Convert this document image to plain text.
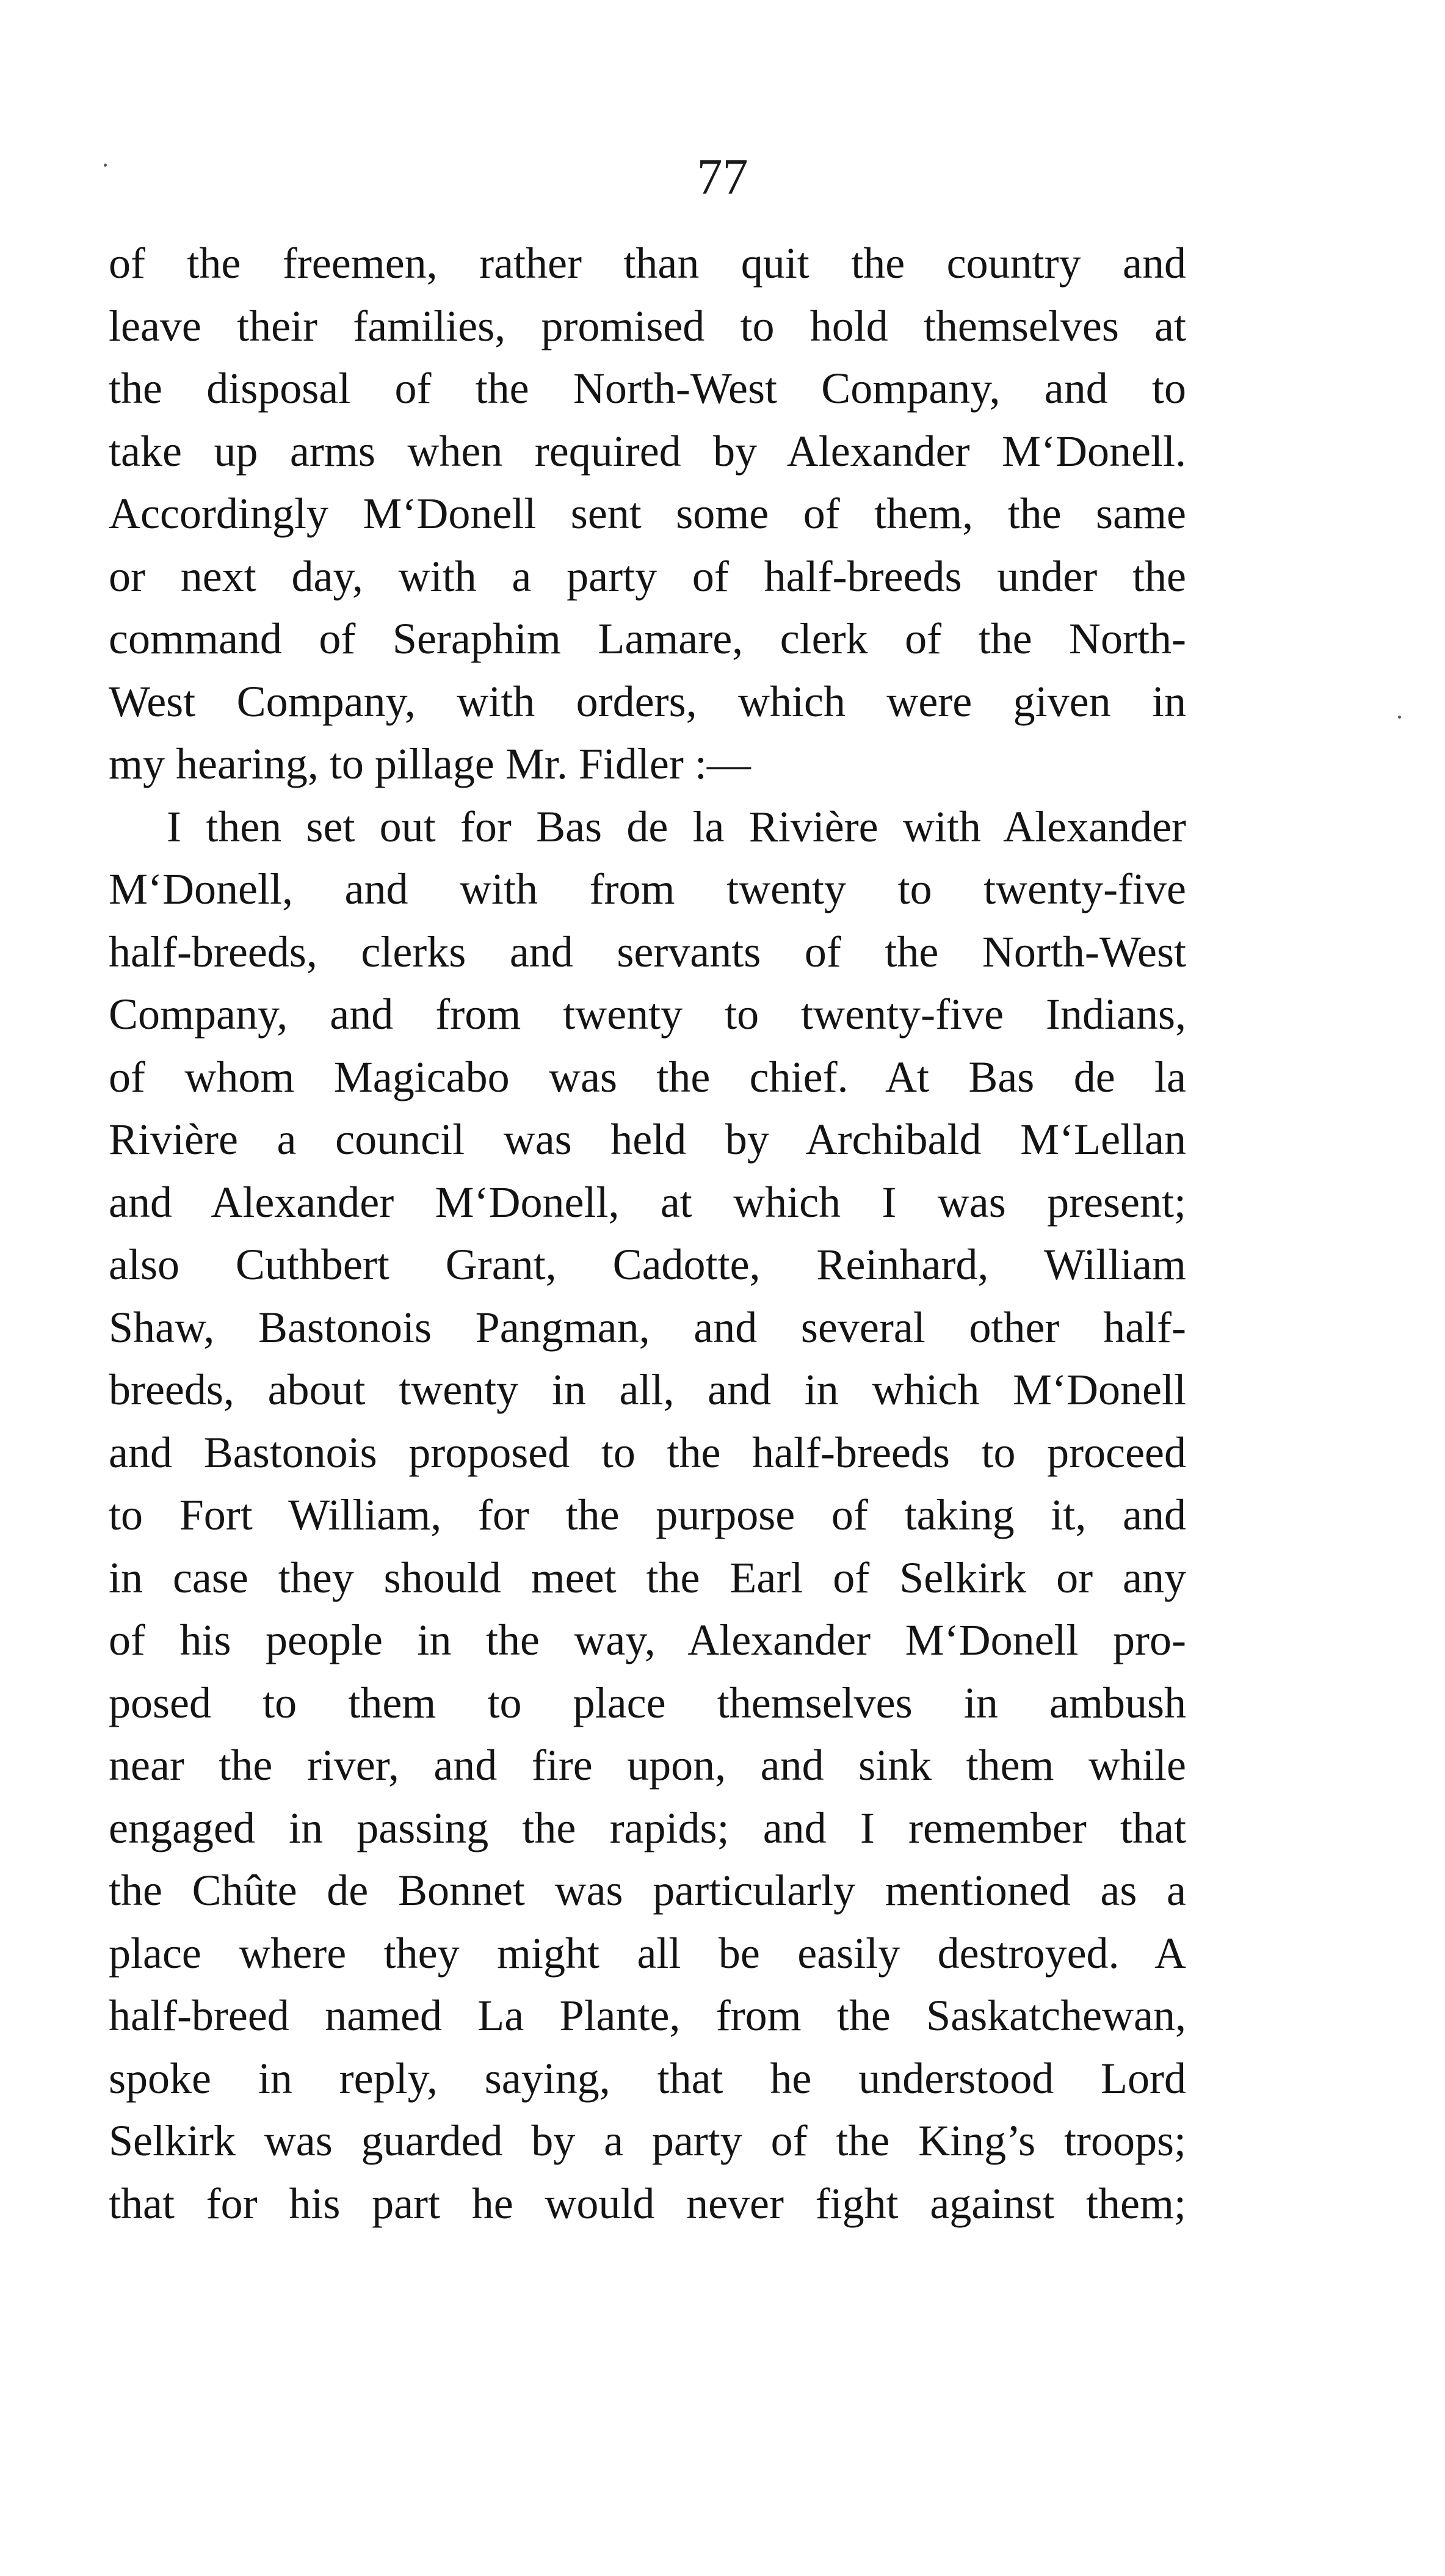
77
of the freemen, rather than quit the country and
leave their families, promised to hold themselves at
the disposal of the North-West Company, and to
take up arms when required by Alexander M‘Donell.
Accordingly M‘Donell sent some of them, the same
or next day, with a party of half-breeds under the
command of Seraphim Lamare, clerk of the North-
West Company, with orders, which were given in
my hearing, to pillage Mr. Fidler :—
I then set out for Bas de la Rivière with Alexander
M‘Donell, and with from twenty to twenty-five
half-breeds, clerks and servants of the North-West
Company, and from twenty to twenty-five Indians,
of whom Magicabo was the chief. At Bas de la
Rivière a council was held by Archibald M‘Lellan
and Alexander M‘Donell, at which I was present;
also Cuthbert Grant, Cadotte, Reinhard, William
Shaw, Bastonois Pangman, and several other half-
breeds, about twenty in all, and in which M‘Donell
and Bastonois proposed to the half-breeds to proceed
to Fort William, for the purpose of taking it, and
in case they should meet the Earl of Selkirk or any
of his people in the way, Alexander M‘Donell pro-
posed to them to place themselves in ambush
near the river, and fire upon, and sink them while
engaged in passing the rapids; and I remember that
the Chûte de Bonnet was particularly mentioned as a
place where they might all be easily destroyed. A
half-breed named La Plante, from the Saskatchewan,
spoke in reply, saying, that he understood Lord
Selkirk was guarded by a party of the King’s troops;
that for his part he would never fight against them;
